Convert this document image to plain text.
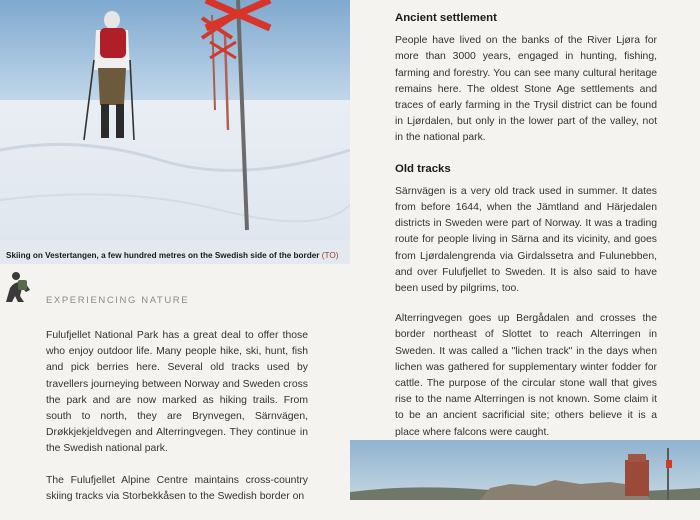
Skiing on Vestertangen, a few hundred metres on the Swedish side of the border (TO)
EXPERIENCING NATURE

Fulufjellet National Park has a great deal to offer those who enjoy outdoor life. Many people hike, ski, hunt, fish and pick berries here. Several old tracks used by travellers journeying between Norway and Sweden cross the park and are now marked as hiking trails. From south to north, they are Brynvegen, Särnvägen, Drøkkjekjeldvegen and Alterringvegen. They continue in the Swedish national park.

The Fulufjellet Alpine Centre maintains cross-country skiing tracks via Storbekkåsen to the Swedish border on

Ancient settlement

People have lived on the banks of the River Ljøra for more than 3000 years, engaged in hunting, fishing, farming and forestry. You can see many cultural heritage remains here. The oldest Stone Age settlements and traces of early farming in the Trysil district can be found in Ljørdalen, but only in the lower part of the valley, not in the national park.

Old tracks

Särnvägen is a very old track used in summer. It dates from before 1644, when the Jämtland and Härjedalen districts in Sweden were part of Norway. It was a trading route for people living in Särna and its vicinity, and goes from Ljørdalengrenda via Girdalssetra and Fulunebben, and over Fulufjellet to Sweden. It is also said to have been used by pilgrims, too.

Alterringvegen goes up Bergådalen and crosses the border northeast of Slottet to reach Alterringen in Sweden. It was called a "lichen track" in the days when lichen was gathered for supplementary winter fodder for cattle. The purpose of the circular stone wall that gives rise to the name Alterringen is not known. Some claim it to be an ancient sacrificial site; others believe it is a place where falcons were caught.
